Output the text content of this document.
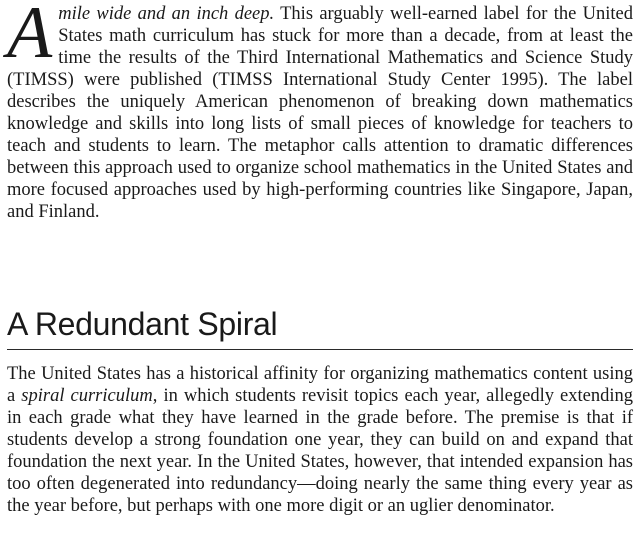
A mile wide and an inch deep. This arguably well-earned label for the United States math curriculum has stuck for more than a decade, from at least the time the results of the Third International Mathematics and Science Study (TIMSS) were published (TIMSS International Study Center 1995). The label describes the uniquely American phenomenon of breaking down mathematics knowledge and skills into long lists of small pieces of knowledge for teachers to teach and students to learn. The metaphor calls attention to dramatic differences between this approach used to organize school mathematics in the United States and more focused approaches used by high-performing countries like Singapore, Japan, and Finland.

A Redundant Spiral

The United States has a historical affinity for organizing mathematics content using a spiral curriculum, in which students revisit topics each year, allegedly extending in each grade what they have learned in the grade before. The premise is that if students develop a strong foundation one year, they can build on and expand that foundation the next year. In the United States, however, that intended expansion has too often degenerated into redundancy—doing nearly the same thing every year as the year before, but perhaps with one more digit or an uglier denominator.
